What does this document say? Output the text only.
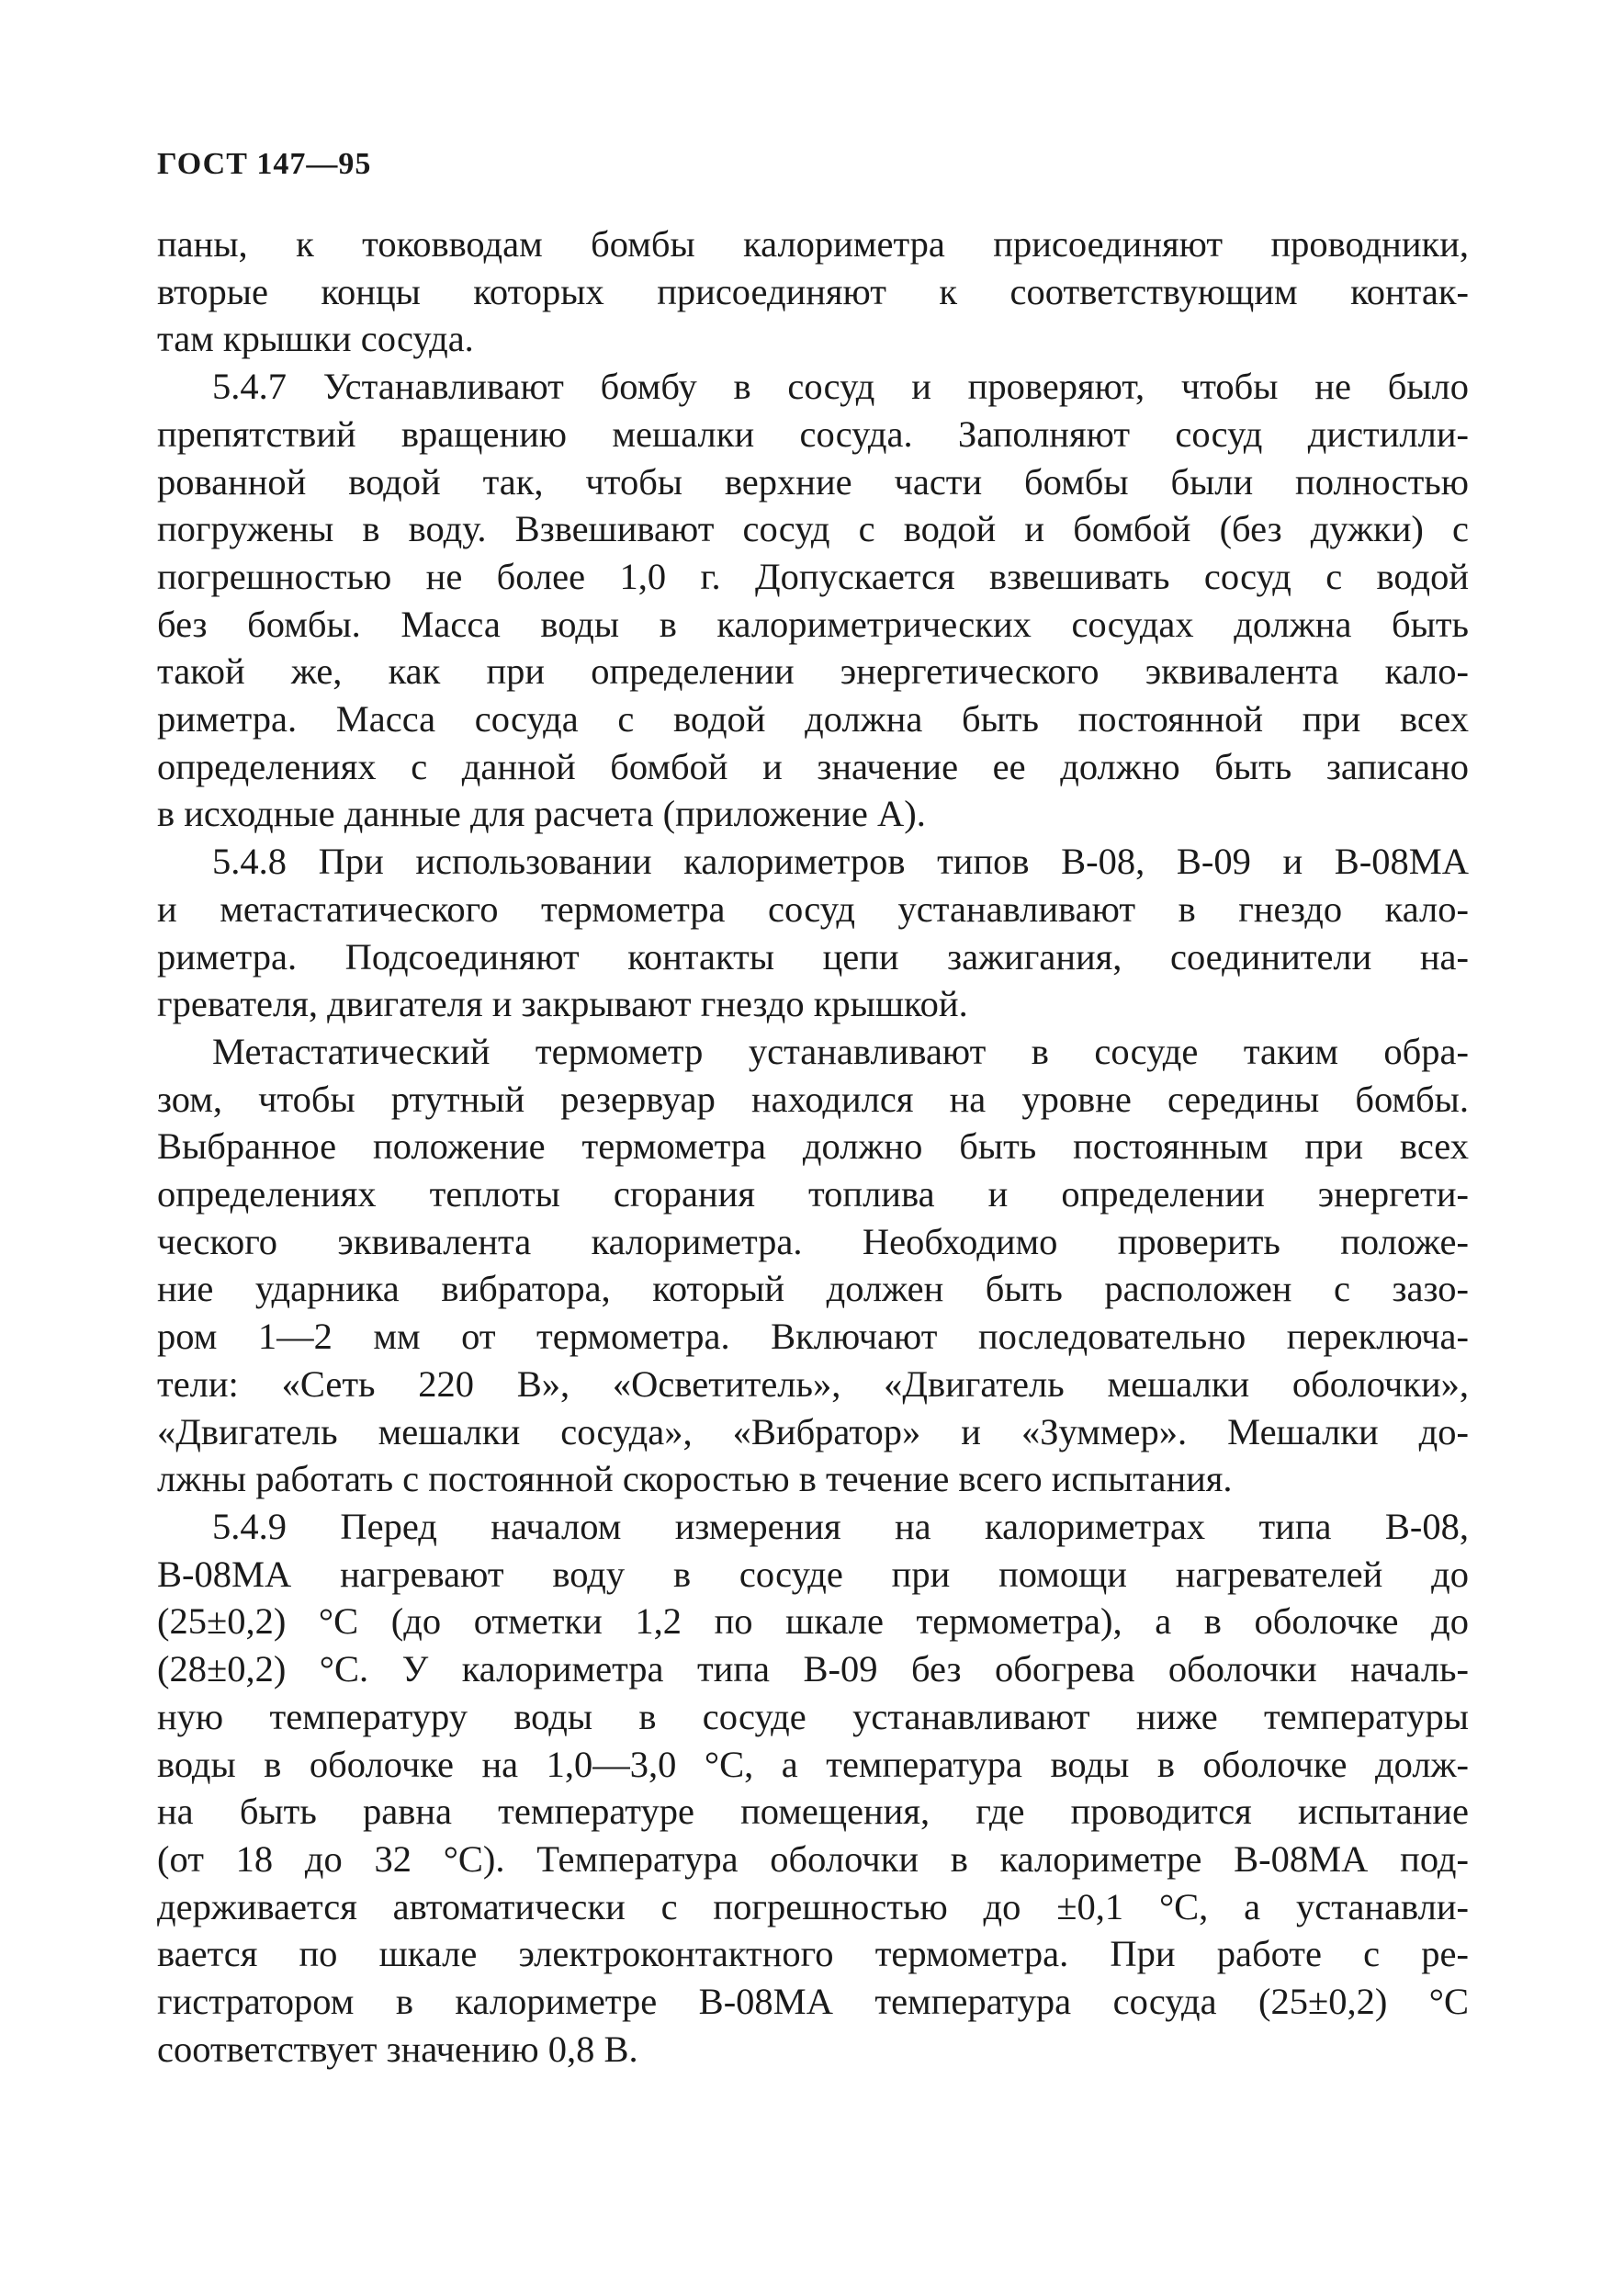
ГОСТ 147—95

паны, к токовводам бомбы калориметра присоединяют проводники,

вторые концы которых присоединяют к соответствующим контак-

там крышки сосуда.

5.4.7 Устанавливают бомбу в сосуд и проверяют, чтобы не было

препятствий вращению мешалки сосуда. Заполняют сосуд дистилли-

рованной водой так, чтобы верхние части бомбы были полностью

погружены в воду. Взвешивают сосуд с водой и бомбой (без дужки) с

погрешностью не более 1,0 г. Допускается взвешивать сосуд с водой

без бомбы. Масса воды в калориметрических сосудах должна быть

такой же, как при определении энергетического эквивалента кало-

риметра. Масса сосуда с водой должна быть постоянной при всех

определениях с данной бомбой и значение ее должно быть записано

в исходные данные для расчета (приложение А).

5.4.8 При использовании калориметров типов В-08, В-09 и В-08МА

и метастатического термометра сосуд устанавливают в гнездо кало-

риметра. Подсоединяют контакты цепи зажигания, соединители на-

гревателя, двигателя и закрывают гнездо крышкой.

Метастатический термометр устанавливают в сосуде таким обра-

зом, чтобы ртутный резервуар находился на уровне середины бомбы.

Выбранное положение термометра должно быть постоянным при всех

определениях теплоты сгорания топлива и определении энергети-

ческого эквивалента калориметра. Необходимо проверить положе-

ние ударника вибратора, который должен быть расположен с зазо-

ром 1—2 мм от термометра. Включают последовательно переключа-

тели: «Сеть 220 В», «Осветитель», «Двигатель мешалки оболочки»,

«Двигатель мешалки сосуда», «Вибратор» и «Зуммер». Мешалки до-

лжны работать с постоянной скоростью в течение всего испытания.

5.4.9 Перед началом измерения на калориметрах типа В-08,

В-08МА нагревают воду в сосуде при помощи нагревателей до

(25±0,2) °С (до отметки 1,2 по шкале термометра), а в оболочке до

(28±0,2) °С. У калориметра типа В-09 без обогрева оболочки началь-

ную температуру воды в сосуде устанавливают ниже температуры

воды в оболочке на 1,0—3,0 °С, а температура воды в оболочке долж-

на быть равна температуре помещения, где проводится испытание

(от 18 до 32 °С). Температура оболочки в калориметре В-08МА под-

держивается автоматически с погрешностью до ±0,1 °С, а устанавли-

вается по шкале электроконтактного термометра. При работе с ре-

гистратором в калориметре В-08МА температура сосуда (25±0,2) °С

соответствует значению 0,8 В.
